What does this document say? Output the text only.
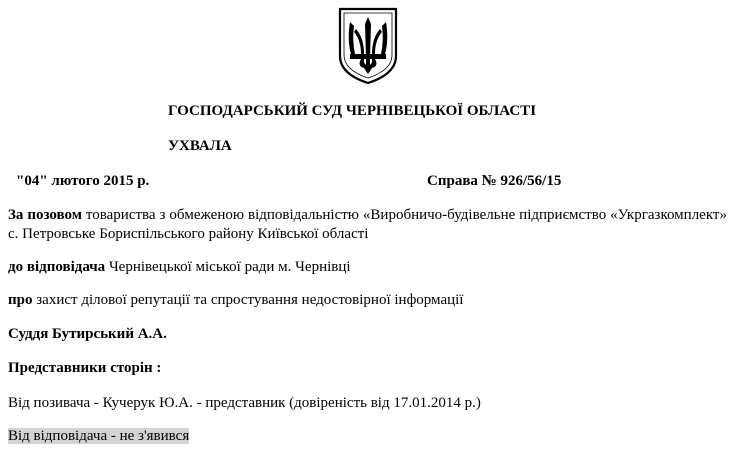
ГОСПОДАРСЬКИЙ СУД ЧЕРНІВЕЦЬКОЇ ОБЛАСТІ
УХВАЛА
"04" лютого 2015 р.	Справа № 926/56/15
За позовом товариства з обмеженою відповідальністю «Виробничо-будівельне підприємство «Укргазкомплект» с. Петровське Бориспільського району Київської області
до відповідача Чернівецької міської ради м. Чернівці
про захист ділової репутації та спростування недостовірної інформації
Суддя Бутирський А.А.
Представники сторін :
Від позивача - Кучерук Ю.А. - представник (довіреність від 17.01.2014 р.)
Від відповідача - не з'явився
